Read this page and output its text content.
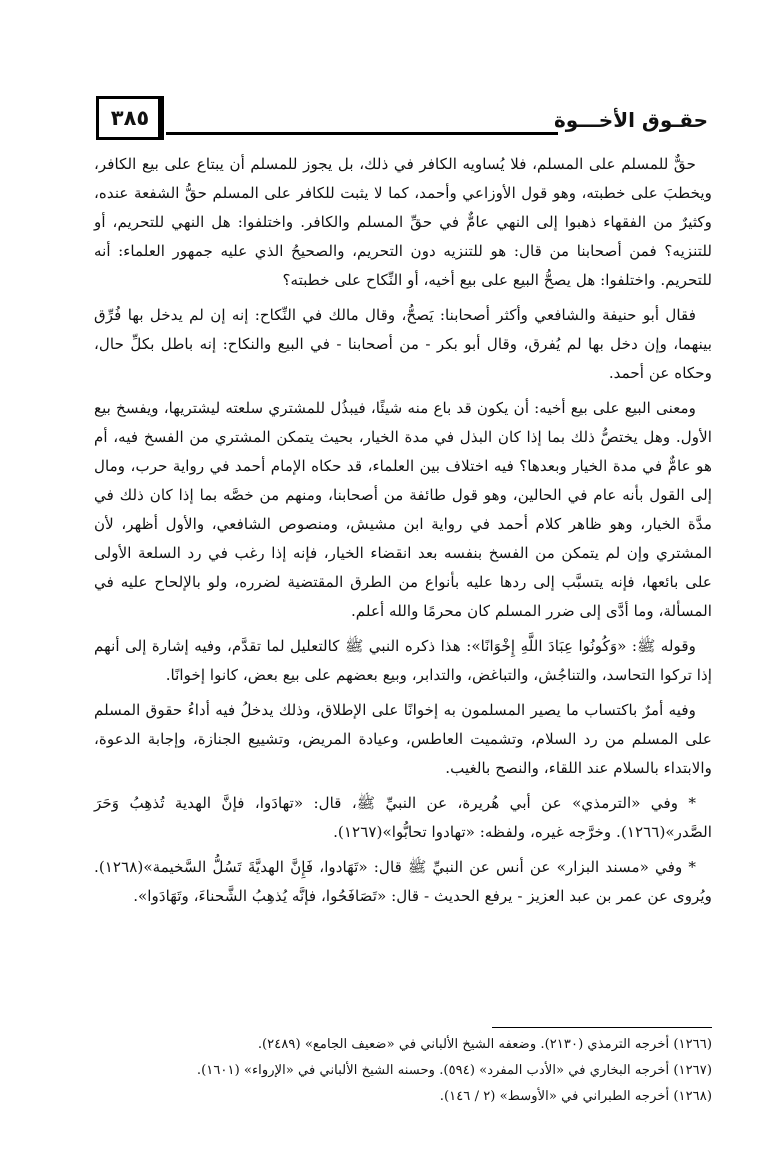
حقـوق الأخـــوة
٣٨٥

حقٌّ للمسلم على المسلم، فلا يُساويه الكافر في ذلك، بل يجوز للمسلم أن يبتاع على بيع الكافر، ويخطبَ على خطبته، وهو قول الأوزاعي وأحمد، كما لا يثبت للكافر على المسلم حقُّ الشفعة عنده، وكثيرٌ من الفقهاء ذهبوا إلى النهي عامٌّ في حقِّ المسلم والكافر. واختلفوا: هل النهي للتحريم، أو للتنزيه؟ فمن أصحابنا من قال: هو للتنزيه دون التحريم، والصحيحُ الذي عليه جمهور العلماء: أنه للتحريم. واختلفوا: هل يصحُّ البيع على بيع أخيه، أو النِّكاح على خطبته؟

فقال أبو حنيفة والشافعي وأكثر أصحابنا: يَصحُّ، وقال مالك في النِّكاح: إنه إن لم يدخل بها فُرِّق بينهما، وإن دخل بها لم يُفرق، وقال أبو بكر - من أصحابنا - في البيع والنكاح: إنه باطل بكلِّ حال، وحكاه عن أحمد.

ومعنى البيع على بيع أخيه: أن يكون قد باع منه شيئًا، فيبذُل للمشتري سلعته ليشتريها، ويفسخ بيع الأول. وهل يختصُّ ذلك بما إذا كان البذل في مدة الخيار، بحيث يتمكن المشتري من الفسخ فيه، أم هو عامٌّ في مدة الخيار وبعدها؟ فيه اختلاف بين العلماء، قد حكاه الإمام أحمد في رواية حرب، ومال إلى القول بأنه عام في الحالين، وهو قول طائفة من أصحابنا، ومنهم من خصَّه بما إذا كان ذلك في مدَّة الخيار، وهو ظاهر كلام أحمد في رواية ابن مشيش، ومنصوص الشافعي، والأول أظهر، لأن المشتري وإن لم يتمكن من الفسخ بنفسه بعد انقضاء الخيار، فإنه إذا رغب في رد السلعة الأولى على بائعها، فإنه يتسبَّب إلى ردها عليه بأنواع من الطرق المقتضية لضرره، ولو بالإلحاح عليه في المسألة، وما أدَّى إلى ضرر المسلم كان محرمًا والله أعلم.

وقوله ﷺ: «وَكُونُوا عِبَادَ اللَّهِ إِخْوَانًا»: هذا ذكره النبي ﷺ كالتعليل لما تقدَّم، وفيه إشارة إلى أنهم إذا تركوا التحاسد، والتناجُش، والتباغض، والتدابر، وبيع بعضهم على بيع بعض، كانوا إخوانًا.

وفيه أمرٌ باكتساب ما يصير المسلمون به إخوانًا على الإطلاق، وذلك يدخلُ فيه أداءُ حقوق المسلم على المسلم من رد السلام، وتشميت العاطس، وعيادة المريض، وتشييع الجنازة، وإجابة الدعوة، والابتداء بالسلام عند اللقاء، والنصح بالغيب.

* وفي «الترمذي» عن أبي هُريرة، عن النبيِّ ﷺ، قال: «تهادَوا، فإنَّ الهدية تُذهِبُ وَحَرَ الصَّدر»(١٢٦٦). وخرَّجه غيره، ولفظه: «تهادوا تحابُّوا»(١٢٦٧).

* وفي «مسند البزار» عن أنس عن النبيِّ ﷺ قال: «تَهَادوا، فَإِنَّ الهديَّةَ تَسُلُّ السَّخيمة»(١٢٦٨). ويُروى عن عمر بن عبد العزيز - يرفع الحديث - قال: «تَصَافَحُوا، فإنَّه يُذهِبُ الشَّحناءَ، وتَهَادَوا».

(١٢٦٦) أخرجه الترمذي (٢١٣٠). وضعفه الشيخ الألباني في «ضعيف الجامع» (٢٤٨٩).

(١٢٦٧) أخرجه البخاري في «الأدب المفرد» (٥٩٤). وحسنه الشيخ الألباني في «الإرواء» (١٦٠١).

(١٢٦٨) أخرجه الطبراني في «الأوسط» (٢ / ١٤٦).
